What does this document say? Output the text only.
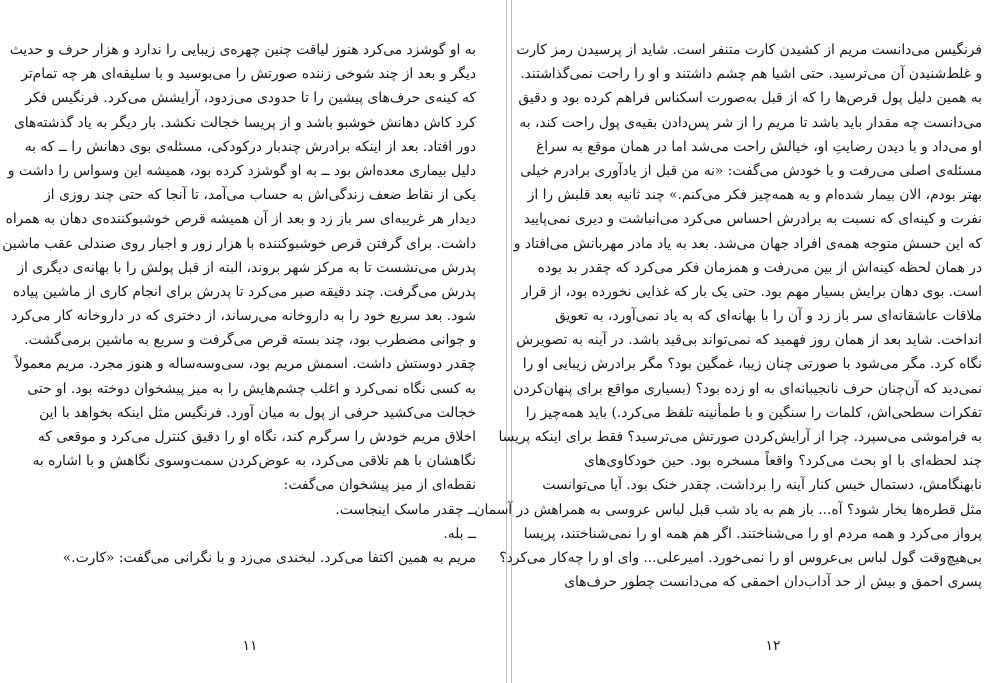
به او گوشزد می‌کرد هنوز لیاقت چنین چهره‌ی زیبایی را ندارد و هزار حرف و حدیث
دیگر و بعد از چند شوخی زننده صورتش را می‌بوسید و با سلیقه‌ای هر چه تمام‌تر
که کینه‌ی حرف‌های پیشین را تا حدودی می‌زدود، آرایشش می‌کرد. فرنگیس فکر
کرد کاش دهانش خوشبو باشد و از پریسا خجالت نکشد. بار دیگر به یاد گذشته‌های
دور افتاد. بعد از اینکه برادرش چندبار درکودکی، مسئله‌ی بوی دهانش را ــ که به
دلیل بیماری معده‌اش بود ــ به او گوشزد کرده بود، همیشه این وسواس را داشت و
یکی از نقاط ضعف زندگی‌اش به حساب می‌آمد، تا آنجا که حتی چند روزی از
دیدار هر غریبه‌ای سر باز زد و بعد از آن همیشه قرص خوشبوکننده‌ی دهان به همراه
داشت. برای گرفتن قرص خوشبوکننده با هزار زور و اجبار روی صندلی عقب ماشین
پدرش می‌نشست تا به مرکز شهر بروند، البته از قبل پولش را با بهانه‌ی دیگری از
پدرش می‌گرفت. چند دقیقه صبر می‌کرد تا پدرش برای انجام کاری از ماشین پیاده
شود. بعد سریع خود را به داروخانه می‌رساند، از دختری که در داروخانه کار می‌کرد
و جوانی مضطرب بود، چند بسته قرص می‌گرفت و سریع به ماشین برمی‌گشت.
چقدر دوستش داشت. اسمش مریم بود، سی‌وسه‌ساله و هنوز مجرد. مریم معمولاً
به کسی نگاه نمی‌کرد و اغلب چشم‌هایش را به میز پیشخوان دوخته بود. او حتی
خجالت می‌کشید حرفی از پول به میان آورد. فرنگیس مثل اینکه بخواهد با این
اخلاق مریم خودش را سرگرم کند، نگاه او را دقیق کنترل می‌کرد و موقعی که
نگاهشان با هم تلاقی می‌کرد، به عوض‌کردن سمت‌وسوی نگاهش و با اشاره به
نقطه‌ای از میز پیشخوان می‌گفت:
ــ چقدر ماسک اینجاست.
ــ بله.
مریم به همین اکتفا می‌کرد. لبخندی می‌زد و با نگرانی می‌گفت: «کارت.»
۱۱
فرنگیس می‌دانست مریم از کشیدن کارت متنفر است. شاید از پرسیدن رمز کارت
و غلط‌شنیدن آن می‌ترسید. حتی اشیا هم چشم داشتند و او را راحت نمی‌گذاشتند.
به همین دلیل پول قرص‌ها را که از قبل به‌صورت اسکناس فراهم کرده بود و دقیق
می‌دانست چه مقدار باید باشد تا مریم را از شر پس‌دادن بقیه‌ی پول راحت کند، به
او می‌داد و با دیدن رضایتِ او، خیالش راحت می‌شد اما در همان موقع به سراغ
مسئله‌ی اصلی می‌رفت و با خودش می‌گفت: «نه من قبل از یادآوری برادرم خیلی
بهتر بودم، الان بیمار شده‌ام و به همه‌چیز فکر می‌کنم.» چند ثانیه بعد قلبش را از
نفرت و کینه‌ای که نسبت به برادرش احساس می‌کرد می‌انباشت و دیری نمی‌پایید
که این حسش متوجه همه‌ی افراد جهان می‌شد. بعد به یاد مادر مهربانش می‌افتاد و
در همان لحظه کینه‌اش از بین می‌رفت و همزمان فکر می‌کرد که چقدر بد بوده
است. بوی دهان برایش بسیار مهم بود. حتی یک بار که غذایی نخورده بود، از قرار
ملاقات عاشقانه‌ای سر باز زد و آن را با بهانه‌ای که به یاد نمی‌آورد، به تعویق
انداخت. شاید بعد از همان روز فهمید که نمی‌تواند بی‌قید باشد. در آینه به تصویرش
نگاه کرد. مگر می‌شود با صورتی چنان زیبا، غمگین بود؟ مگر برادرش زیبایی او را
نمی‌دید که آن‌چنان حرف نانجیبانه‌ای به او زده بود؟ (بسیاری مواقع برای پنهان‌کردن
تفکرات سطحی‌اش، کلمات را سنگین و با طمأنینه تلفظ می‌کرد.) باید همه‌چیز را
به فراموشی می‌سپرد. چرا از آرایش‌کردن صورتش می‌ترسید؟ فقط برای اینکه پریسا
چند لحظه‌ای با او بحث می‌کرد؟ واقعاً مسخره بود. حین خودکاوی‌های
نابهنگامش، دستمال خیس کنار آینه را برداشت. چقدر خنک بود. آیا می‌توانست
مثل قطره‌ها بخار شود؟ آه... باز هم به یاد شب قبل لباس عروسی به همراهش در آسمان
پرواز می‌کرد و همه مردم او را می‌شناختند. اگر هم همه او را نمی‌شناختند، پریسا
بی‌هیچ‌وقت گول لباس بی‌عروس او را نمی‌خورد. امیرعلی... وای او را چه‌کار می‌کرد؟
پسری احمق و بیش از حد آداب‌دان احمقی که می‌دانست چطور حرف‌های
۱۲
